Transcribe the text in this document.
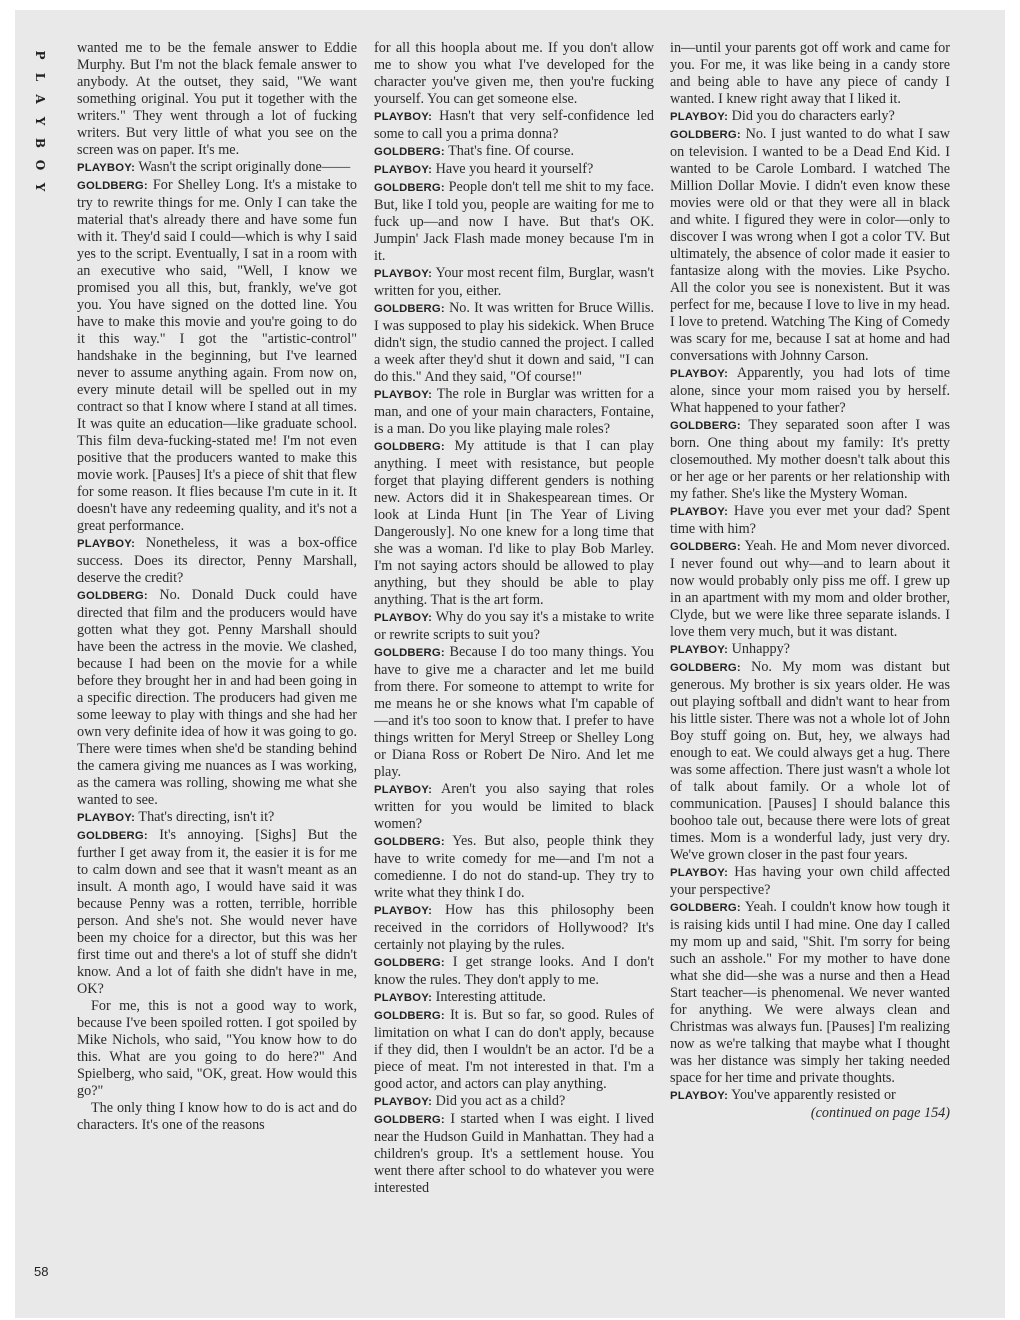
P
L
A
Y
B
O
Y
58

wanted me to be the female answer to Eddie Murphy. But I'm not the black female answer to anybody. At the outset, they said, "We want something original. You put it together with the writers." They went through a lot of fucking writers. But very little of what you see on the screen was on paper. It's me.

PLAYBOY: Wasn't the script originally done——

GOLDBERG: For Shelley Long. It's a mistake to try to rewrite things for me. Only I can take the material that's already there and have some fun with it. They'd said I could—which is why I said yes to the script. Eventually, I sat in a room with an executive who said, "Well, I know we promised you all this, but, frankly, we've got you. You have signed on the dotted line. You have to make this movie and you're going to do it this way." I got the "artistic-control" handshake in the beginning, but I've learned never to assume anything again. From now on, every minute detail will be spelled out in my contract so that I know where I stand at all times. It was quite an education—like graduate school. This film deva-fucking-stated me! I'm not even positive that the producers wanted to make this movie work. [Pauses] It's a piece of shit that flew for some reason. It flies because I'm cute in it. It doesn't have any redeeming quality, and it's not a great performance.

PLAYBOY: Nonetheless, it was a box-office success. Does its director, Penny Marshall, deserve the credit?

GOLDBERG: No. Donald Duck could have directed that film and the producers would have gotten what they got. Penny Marshall should have been the actress in the movie. We clashed, because I had been on the movie for a while before they brought her in and had been going in a specific direction. The producers had given me some leeway to play with things and she had her own very definite idea of how it was going to go. There were times when she'd be standing behind the camera giving me nuances as I was working, as the camera was rolling, showing me what she wanted to see.

PLAYBOY: That's directing, isn't it?

GOLDBERG: It's annoying. [Sighs] But the further I get away from it, the easier it is for me to calm down and see that it wasn't meant as an insult. A month ago, I would have said it was because Penny was a rotten, terrible, horrible person. And she's not. She would never have been my choice for a director, but this was her first time out and there's a lot of stuff she didn't know. And a lot of faith she didn't have in me, OK?

For me, this is not a good way to work, because I've been spoiled rotten. I got spoiled by Mike Nichols, who said, "You know how to do this. What are you going to do here?" And Spielberg, who said, "OK, great. How would this go?"

The only thing I know how to do is act and do characters. It's one of the reasons

for all this hoopla about me. If you don't allow me to show you what I've developed for the character you've given me, then you're fucking yourself. You can get someone else.

PLAYBOY: Hasn't that very self-confidence led some to call you a prima donna?

GOLDBERG: That's fine. Of course.

PLAYBOY: Have you heard it yourself?

GOLDBERG: People don't tell me shit to my face. But, like I told you, people are waiting for me to fuck up—and now I have. But that's OK. Jumpin' Jack Flash made money because I'm in it.

PLAYBOY: Your most recent film, Burglar, wasn't written for you, either.

GOLDBERG: No. It was written for Bruce Willis. I was supposed to play his sidekick. When Bruce didn't sign, the studio canned the project. I called a week after they'd shut it down and said, "I can do this." And they said, "Of course!"

PLAYBOY: The role in Burglar was written for a man, and one of your main characters, Fontaine, is a man. Do you like playing male roles?

GOLDBERG: My attitude is that I can play anything. I meet with resistance, but people forget that playing different genders is nothing new. Actors did it in Shakespearean times. Or look at Linda Hunt [in The Year of Living Dangerously]. No one knew for a long time that she was a woman. I'd like to play Bob Marley. I'm not saying actors should be allowed to play anything, but they should be able to play anything. That is the art form.

PLAYBOY: Why do you say it's a mistake to write or rewrite scripts to suit you?

GOLDBERG: Because I do too many things. You have to give me a character and let me build from there. For someone to attempt to write for me means he or she knows what I'm capable of—and it's too soon to know that. I prefer to have things written for Meryl Streep or Shelley Long or Diana Ross or Robert De Niro. And let me play.

PLAYBOY: Aren't you also saying that roles written for you would be limited to black women?

GOLDBERG: Yes. But also, people think they have to write comedy for me—and I'm not a comedienne. I do not do stand-up. They try to write what they think I do.

PLAYBOY: How has this philosophy been received in the corridors of Hollywood? It's certainly not playing by the rules.

GOLDBERG: I get strange looks. And I don't know the rules. They don't apply to me.

PLAYBOY: Interesting attitude.

GOLDBERG: It is. But so far, so good. Rules of limitation on what I can do don't apply, because if they did, then I wouldn't be an actor. I'd be a piece of meat. I'm not interested in that. I'm a good actor, and actors can play anything.

PLAYBOY: Did you act as a child?

GOLDBERG: I started when I was eight. I lived near the Hudson Guild in Manhattan. They had a children's group. It's a settlement house. You went there after school to do whatever you were interested

in—until your parents got off work and came for you. For me, it was like being in a candy store and being able to have any piece of candy I wanted. I knew right away that I liked it.

PLAYBOY: Did you do characters early?

GOLDBERG: No. I just wanted to do what I saw on television. I wanted to be a Dead End Kid. I wanted to be Carole Lombard. I watched The Million Dollar Movie. I didn't even know these movies were old or that they were all in black and white. I figured they were in color—only to discover I was wrong when I got a color TV. But ultimately, the absence of color made it easier to fantasize along with the movies. Like Psycho. All the color you see is nonexistent. But it was perfect for me, because I love to live in my head. I love to pretend. Watching The King of Comedy was scary for me, because I sat at home and had conversations with Johnny Carson.

PLAYBOY: Apparently, you had lots of time alone, since your mom raised you by herself. What happened to your father?

GOLDBERG: They separated soon after I was born. One thing about my family: It's pretty closemouthed. My mother doesn't talk about this or her age or her parents or her relationship with my father. She's like the Mystery Woman.

PLAYBOY: Have you ever met your dad? Spent time with him?

GOLDBERG: Yeah. He and Mom never divorced. I never found out why—and to learn about it now would probably only piss me off. I grew up in an apartment with my mom and older brother, Clyde, but we were like three separate islands. I love them very much, but it was distant.

PLAYBOY: Unhappy?

GOLDBERG: No. My mom was distant but generous. My brother is six years older. He was out playing softball and didn't want to hear from his little sister. There was not a whole lot of John Boy stuff going on. But, hey, we always had enough to eat. We could always get a hug. There was some affection. There just wasn't a whole lot of talk about family. Or a whole lot of communication. [Pauses] I should balance this boohoo tale out, because there were lots of great times. Mom is a wonderful lady, just very dry. We've grown closer in the past four years.

PLAYBOY: Has having your own child affected your perspective?

GOLDBERG: Yeah. I couldn't know how tough it is raising kids until I had mine. One day I called my mom up and said, "Shit. I'm sorry for being such an asshole." For my mother to have done what she did—she was a nurse and then a Head Start teacher—is phenomenal. We never wanted for anything. We were always clean and Christmas was always fun. [Pauses] I'm realizing now as we're talking that maybe what I thought was her distance was simply her taking needed space for her time and private thoughts.

PLAYBOY: You've apparently resisted or

(continued on page 154)
